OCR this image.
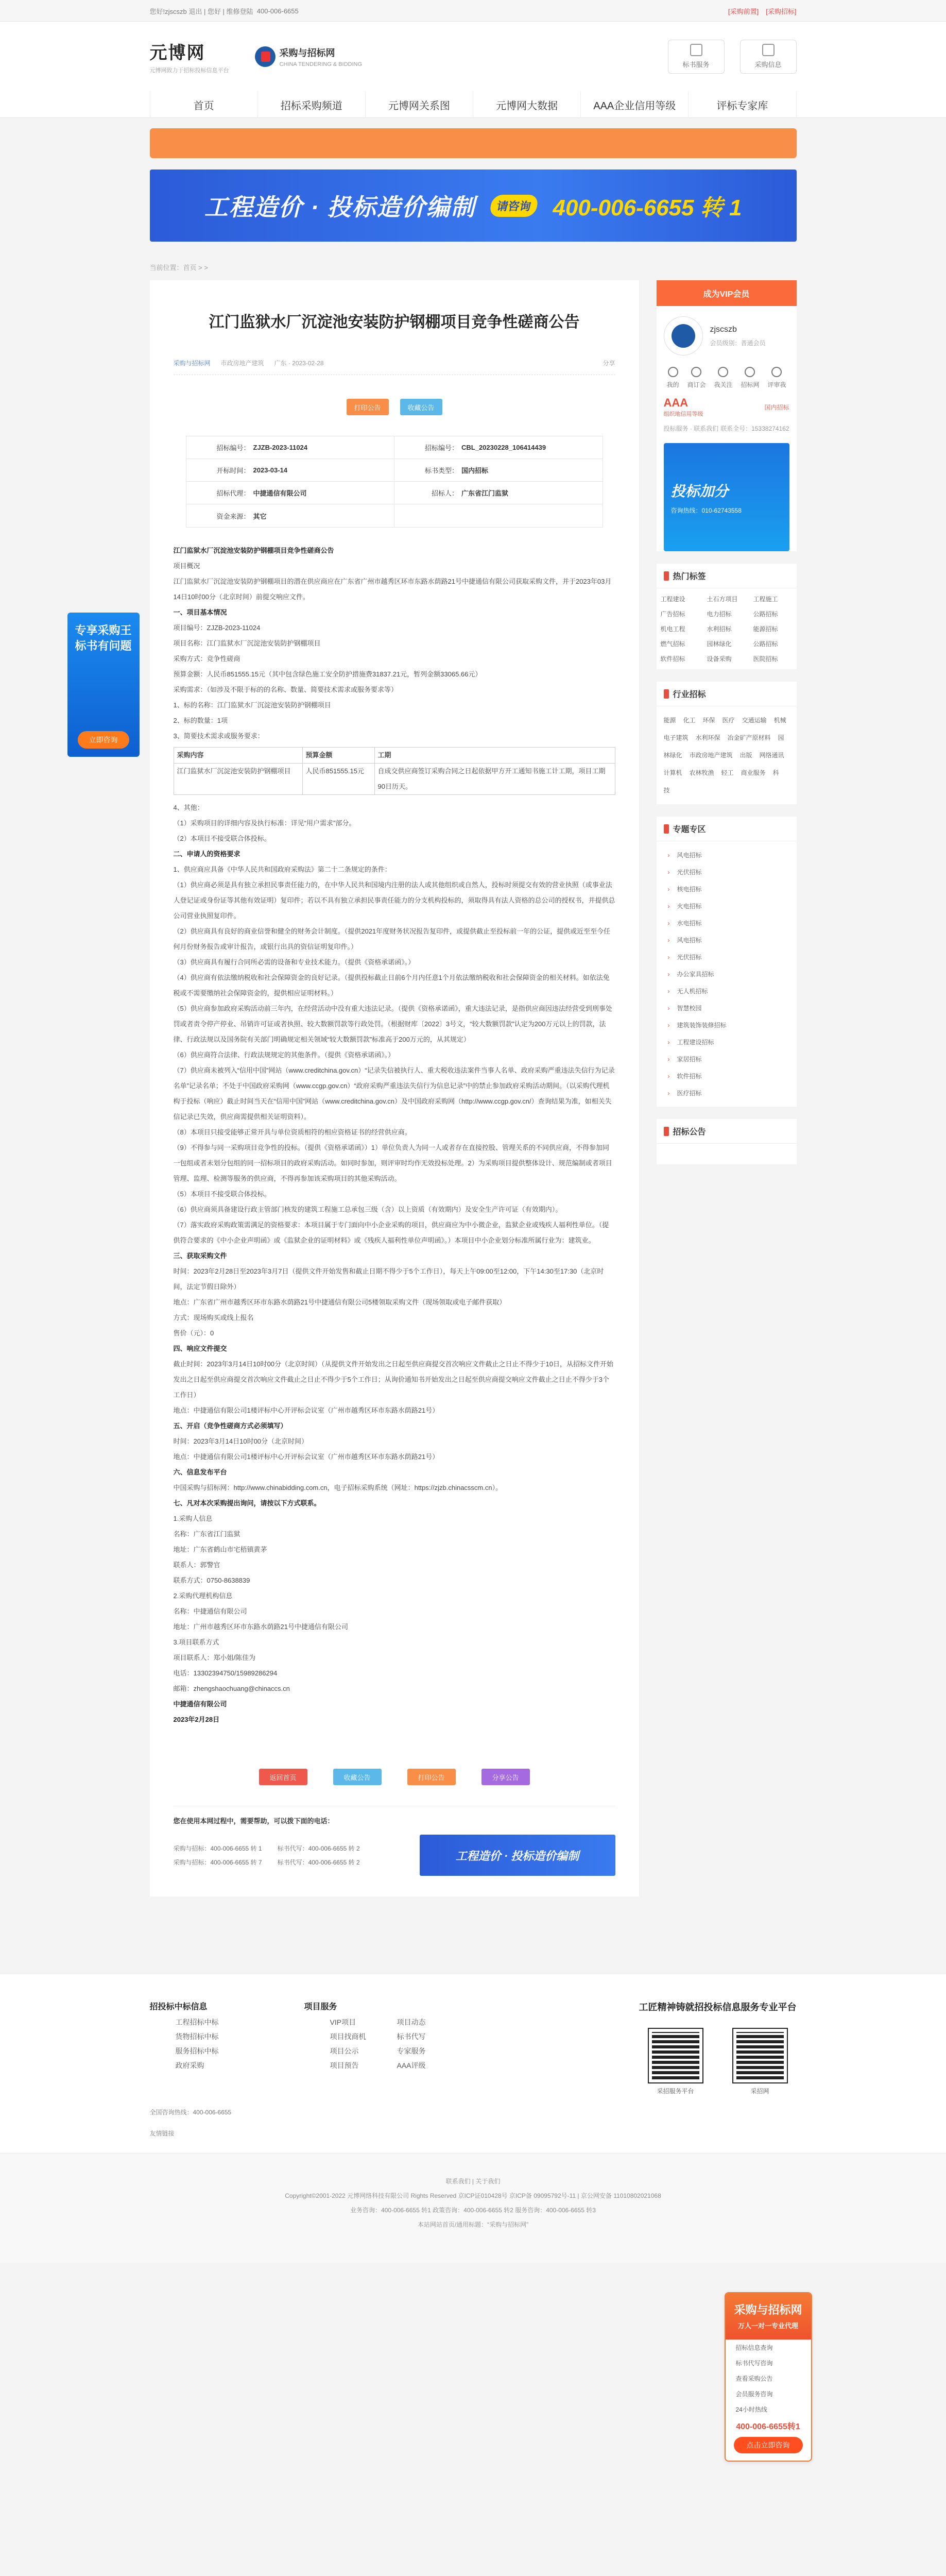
您好!zjscszb 退出 | 您好 | 维修登陆
400-006-6655	[采购前置] [采购招标]
元博网
元博网致力于招标投标信息平台
采购与招标网
CHINA TENDERING & BIDDING	标书服务	采购信息
首页	招标采购频道	元博网关系图	元博网大数据	AAA企业信用等级	评标专家库
工程造价 · 投标造价编制	请咨询 400-006-6655 转 1
当前位置：首页 > >
专享采购王
标书有问题
立即咨询
江门监狱水厂沉淀池安装防护钢棚项目竞争性磋商公告
采购与招标网 市政房地产建筑 广东 · 2023-02-28	分享
打印公告	收藏公告
招标编号： ZJZB-2023-11024	招标编号： CBL_20230228_106414439
开标时间： 2023-03-14	标书类型： 国内招标
招标代理： 中捷通信有限公司	招标人： 广东省江门监狱
资金来源： 其它

江门监狱水厂沉淀池安装防护钢棚项目竞争性磋商公告

项目概况

江门监狱水厂沉淀池安装防护钢棚项目的潜在供应商应在广东省广州市越秀区环市东路水荫路21号中捷通信有限公司获取采购文件，并于2023年03月14日10时00分（北京时间）前提交响应文件。

一、项目基本情况

项目编号：ZJZB-2023-11024

项目名称：江门监狱水厂沉淀池安装防护钢棚项目

采购方式：竞争性磋商

预算金额：人民币851555.15元（其中包含绿色施工安全防护措施费31837.21元，暂列金额33065.66元）

采购需求：（如涉及不限于标的的名称、数量、简要技术需求或服务要求等）

1、标的名称：江门监狱水厂沉淀池安装防护钢棚项目

2、标的数量：1项

3、简要技术需求或服务要求：

采购内容	预算金额	工期
江门监狱水厂沉淀池安装防护钢棚项目	人民币851555.15元	自成交供应商签订采购合同之日起依据甲方开工通知书施工计工期，项目工期90日历天。

4、其他：

（1）采购项目的详细内容及执行标准：详见“用户需求”部分。

（2）本项目不接受联合体投标。

二、申请人的资格要求

1、供应商应具备《中华人民共和国政府采购法》第二十二条规定的条件：

（1）供应商必须是具有独立承担民事责任能力的，在中华人民共和国境内注册的法人或其他组织或自然人，投标时须提交有效的营业执照（或事业法人登记证或身份证等其他有效证明）复印件；若以不具有独立承担民事责任能力的分支机构投标的，须取得具有法人资格的总公司的授权书，并提供总公司营业执照复印件。

（2）供应商具有良好的商业信誉和健全的财务会计制度。（提供2021年度财务状况报告复印件，或提供截止至投标前一年的公证，提供或近至至今任何月份财务报告或审计报告，或银行出具的资信证明复印件。）

（3）供应商具有履行合同所必需的设备和专业技术能力。（提供《资格承诺函》。）

（4）供应商有依法缴纳税收和社会保障资金的良好记录。（提供投标截止日前6个月内任意1个月依法缴纳税收和社会保障资金的相关材料。如依法免税或不需要缴纳社会保障资金的，提供相应证明材料。）

（5）供应商参加政府采购活动前三年内，在经营活动中没有重大违法记录。（提供《资格承诺函》，重大违法记录，是指供应商因违法经营受到刑事处罚或者责令停产停业、吊销许可证或者执照、较大数额罚款等行政处罚。（根据财库〔2022〕3号文，“较大数额罚款”认定为200万元以上的罚款，法律、行政法规以及国务院有关部门明确规定相关领域“较大数额罚款”标准高于200万元的，从其规定）

（6）供应商符合法律、行政法规规定的其他条件。（提供《资格承诺函》。）

（7）供应商未被列入“信用中国”网站（www.creditchina.gov.cn）“记录失信被执行人、重大税收违法案件当事人名单、政府采购严重违法失信行为记录名单”记录名单；不处于中国政府采购网（www.ccgp.gov.cn）“政府采购严重违法失信行为信息记录”中的禁止参加政府采购活动期间。（以采购代理机构于投标（响应）截止时间当天在“信用中国”网站（www.creditchina.gov.cn）及中国政府采购网（http://www.ccgp.gov.cn/）查询结果为准，如相关失信记录已失效，供应商需提供相关证明资料）。

（8）本项目只接受能够正常开具与单位资质相符的相应资格证书的经营供应商。

（9）不得参与同一采购项目竞争性的投标。（提供《资格承诺函》）1）单位负责人为同一人或者存在直接控股、管理关系的不同供应商，不得参加同一包组或者未划分包组的同一招标项目的政府采购活动。如同时参加，则评审时均作无效投标处理。2）为采购项目提供整体设计、规范编制或者项目管理、监理、检测等服务的供应商，不得再参加该采购项目的其他采购活动。

（5）本项目不接受联合体投标。

（6）供应商须具备建设行政主管部门核发的建筑工程施工总承包三级（含）以上资质（有效期内）及安全生产许可证（有效期内）。

（7）落实政府采购政策需满足的资格要求：本项目属于专门面向中小企业采购的项目，供应商应为中小微企业，监狱企业或残疾人福利性单位。（提供符合要求的《中小企业声明函》或《监狱企业的证明材料》或《残疾人福利性单位声明函》。）本项目中小企业划分标准所属行业为：建筑业。

三、获取采购文件

时间：2023年2月28日至2023年3月7日（提供文件开始发售和截止日期不得少于5个工作日），每天上午09:00至12:00，下午14:30至17:30（北京时间，法定节假日除外）

地点：广东省广州市越秀区环市东路水荫路21号中捷通信有限公司5楼领取采购文件（现场领取或电子邮件获取）

方式：现场购买或线上报名

售价（元）：0

四、响应文件提交

截止时间：2023年3月14日10时00分（北京时间）（从提供文件开始发出之日起至供应商提交首次响应文件截止之日止不得少于10日，从招标文件开始发出之日起至供应商提交首次响应文件截止之日止不得少于5个工作日；从询价通知书开始发出之日起至供应商提交响应文件截止之日止不得少于3个工作日）

地点：中捷通信有限公司1楼评标中心开评标会议室（广州市越秀区环市东路水荫路21号）

五、开启（竞争性磋商方式必须填写）

时间：2023年3月14日10时00分（北京时间）

地点：中捷通信有限公司1楼评标中心开评标会议室（广州市越秀区环市东路水荫路21号）

六、信息发布平台

中国采购与招标网：http://www.chinabidding.com.cn，电子招标采购系统（网址：https://zjzb.chinacsscm.cn）。

七、凡对本次采购提出询问，请按以下方式联系。

1.采购人信息

名称：广东省江门监狱

地址：广东省鹤山市宅梧镇黄茅

联系人：郭警官

联系方式：0750-8638839

2.采购代理机构信息

名称：中捷通信有限公司

地址：广州市越秀区环市东路水荫路21号中捷通信有限公司

3.项目联系方式

项目联系人：郑小姐/陈佳为

电话：13302394750/15989286294

邮箱：zhengshaochuang@chinaccs.cn

中捷通信有限公司

2023年2月28日

返回首页	收藏公告	打印公告	分享公告
您在使用本网过程中，需要帮助，可以拨下面的电话：
采购与招标：400-006-6655 转 1	标书代写：400-006-6655 转 2
采购与招标：400-006-6655 转 7	标书代写：400-006-6655 转 2
工程造价 · 投标造价编制
成为VIP会员
zjscszb
会员级别：普通会员
我的 商订会 我关注 招标网 评审我
AAA
组织地信用等级
国内招标
投标服务 · 联系我们 联系全号：15338274162
投标加分
咨询热线：010-62743558
热门标签
工程建设	土石方项目	工程施工
广告招标	电力招标	公路招标
机电工程	水利招标	能源招标
燃气招标	园林绿化	公路招标
软件招标	设备采购	医院招标
行业招标
能源 化工 环保 医疗 交通运输 机械电子建筑 水利环保 冶金矿产原材料 园林绿化 市政房地产建筑 出版 网络通讯计算机 农林牧渔 轻工 商业服务 科技
专题专区
› 风电招标
› 光伏招标
› 核电招标
› 火电招标
› 水电招标
› 风电招标
› 光伏招标
› 办公家具招标
› 无人机招标
› 智慧校园
› 建筑装饰装修招标
› 工程建设招标
› 家居招标
› 软件招标
› 医疗招标
招标公告
采购与招标网
万人一对一专业代理
招标信息查询
标书代写咨询
查看采购公告
会员服务咨询
24小时热线
400-006-6655转1
点击立即咨询
招投标中标信息
工程招标中标
货物招标中标
服务招标中标
政府采购
项目服务
VIP项目	项目动态
项目找商机	标书代写
项目公示	专家服务
项目预告	AAA评级
工匠精神铸就招投标信息服务专业平台
采招服务平台	采招网
全国咨询热线：400-006-6655
友情链接
联系我们 | 关于我们
Copyright©2001-2022 元博网络科技有限公司 Rights Reserved 京ICP证010428号 京ICP备 09095792号-11 | 京公网安备 11010802021068
业务咨询：400-006-6655 转1 政策咨询：400-006-6655 转2 服务咨询：400-006-6655 转3
本站网站首页/通用标题：“采购与招标网”
